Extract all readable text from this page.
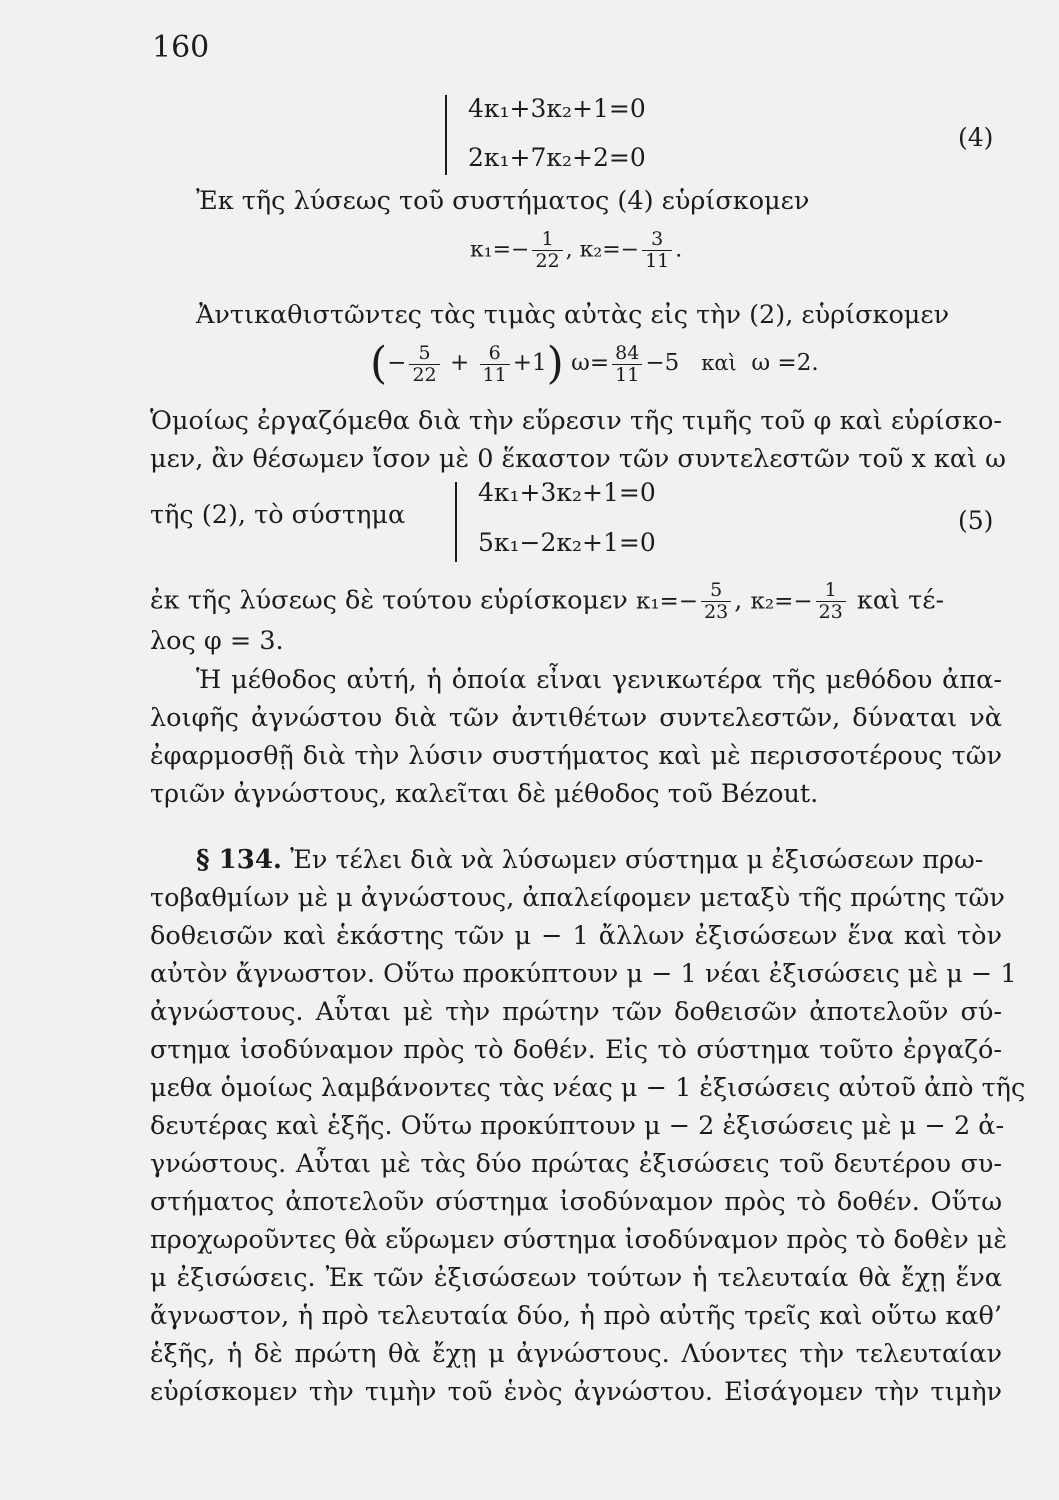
160
4κ₁+3κ₂+1=0
2κ₁+7κ₂+2=0
(4)
Ἐκ τῆς λύσεως τοῦ συστήματος (4) εὑρίσκομεν
$\kappa_1=- \frac{1}{22}$ , $\kappa_2=- \frac{3}{11}$ .
Ἀντικαθιστῶντες τὰς τιμὰς αὐτὰς εἰς τὴν (2), εὑρίσκομεν
(− $\frac{5}{22} + \frac{6}{11} +1$) $\omega= \frac{84}{11} -5$ καὶ ω =2.
Ὁμοίως ἐργαζόμεθα διὰ τὴν εὕρεσιν τῆς τιμῆς τοῦ φ καὶ εὑρίσκο-
μεν, ἂν θέσωμεν ἴσον μὲ 0 ἕκαστον τῶν συντελεστῶν τοῦ x καὶ ω
τῆς (2), τὸ σύστημα
4κ₁+3κ₂+1=0
5κ₁−2κ₂+1=0
(5)
ἐκ τῆς λύσεως δὲ τούτου εὑρίσκομεν $\kappa_1=- \frac{5}{23}$ , $\kappa_2=- \frac{1}{23}$ καὶ τέ-
λος φ = 3.
Ἡ μέθοδος αὐτή, ἡ ὁποία εἶναι γενικωτέρα τῆς μεθόδου ἀπα-
λοιφῆς ἀγνώστου διὰ τῶν ἀντιθέτων συντελεστῶν, δύναται νὰ
ἐφαρμοσθῇ διὰ τὴν λύσιν συστήματος καὶ μὲ περισσοτέρους τῶν
τριῶν ἀγνώστους, καλεῖται δὲ μέθοδος τοῦ Bézout.
§ 134. Ἐν τέλει διὰ νὰ λύσωμεν σύστημα μ ἐξισώσεων πρω-
τοβαθμίων μὲ μ ἀγνώστους, ἀπαλείφομεν μεταξὺ τῆς πρώτης τῶν
δοθεισῶν καὶ ἑκάστης τῶν μ − 1 ἄλλων ἐξισώσεων ἕνα καὶ τὸν
αὐτὸν ἄγνωστον. Οὕτω προκύπτουν μ − 1 νέαι ἐξισώσεις μὲ μ − 1
ἀγνώστους. Αὗται μὲ τὴν πρώτην τῶν δοθεισῶν ἀποτελοῦν σύ-
στημα ἰσοδύναμον πρὸς τὸ δοθέν. Εἰς τὸ σύστημα τοῦτο ἐργαζό-
μεθα ὁμοίως λαμβάνοντες τὰς νέας μ − 1 ἐξισώσεις αὐτοῦ ἀπὸ τῆς
δευτέρας καὶ ἑξῆς. Οὕτω προκύπτουν μ − 2 ἐξισώσεις μὲ μ − 2 ἀ-
γνώστους. Αὗται μὲ τὰς δύο πρώτας ἐξισώσεις τοῦ δευτέρου συ-
στήματος ἀποτελοῦν σύστημα ἰσοδύναμον πρὸς τὸ δοθέν. Οὕτω
προχωροῦντες θὰ εὕρωμεν σύστημα ἰσοδύναμον πρὸς τὸ δοθὲν μὲ
μ ἐξισώσεις. Ἐκ τῶν ἐξισώσεων τούτων ἡ τελευταία θὰ ἔχῃ ἕνα
ἄγνωστον, ἡ πρὸ τελευταία δύο, ἡ πρὸ αὐτῆς τρεῖς καὶ οὕτω καθ’
ἑξῆς, ἡ δὲ πρώτη θὰ ἔχῃ μ ἀγνώστους. Λύοντες τὴν τελευταίαν
εὑρίσκομεν τὴν τιμὴν τοῦ ἑνὸς ἀγνώστου. Εἰσάγομεν τὴν τιμὴν
